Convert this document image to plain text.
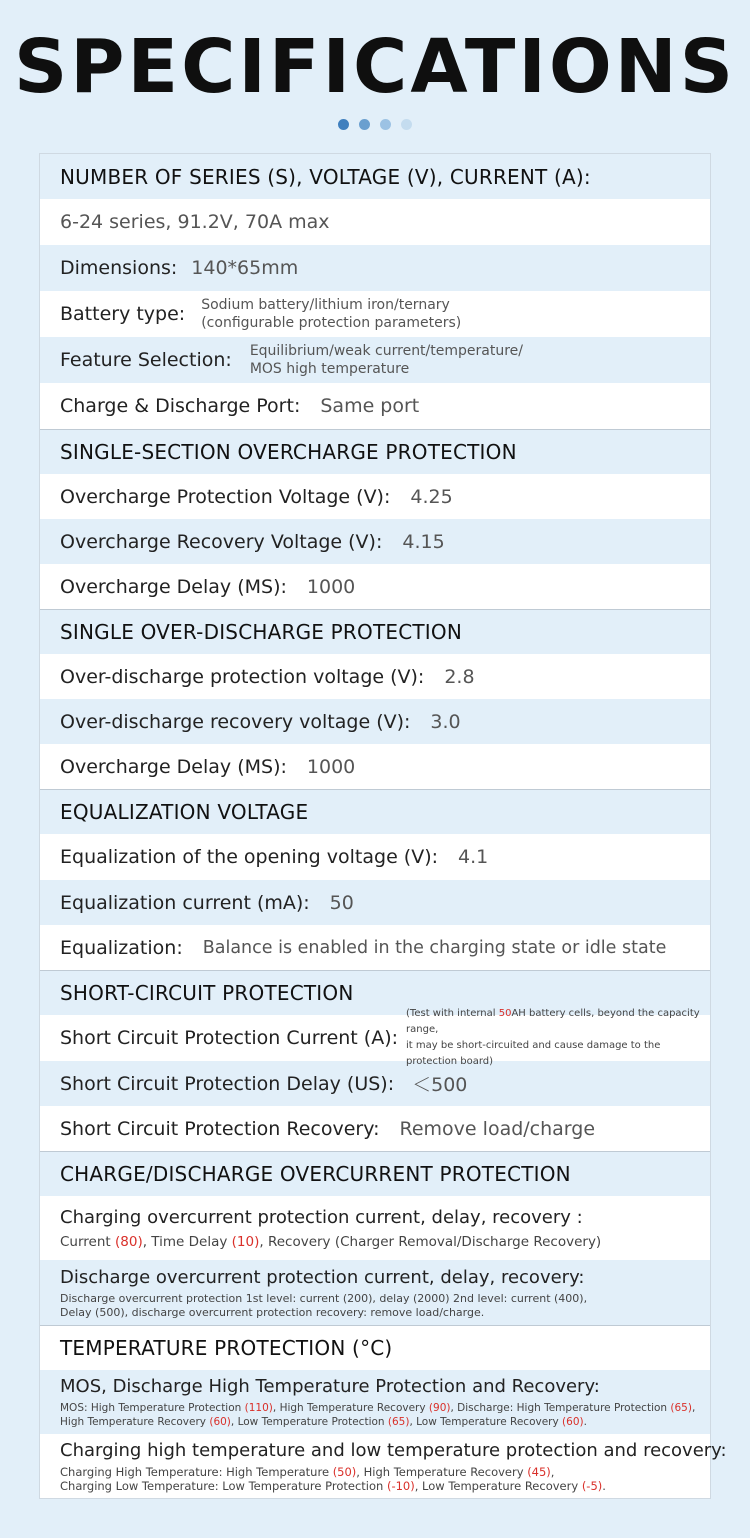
SPECIFICATIONS
NUMBER OF SERIES (S), VOLTAGE (V), CURRENT (A):
6-24 series, 91.2V, 70A max
Dimensions: 140*65mm
Battery type: Sodium battery/lithium iron/ternary
(configurable protection parameters)
Feature Selection: Equilibrium/weak current/temperature/
MOS high temperature
Charge & Discharge Port: Same port
SINGLE-SECTION OVERCHARGE PROTECTION
Overcharge Protection Voltage (V): 4.25
Overcharge Recovery Voltage (V): 4.15
Overcharge Delay (MS): 1000
SINGLE OVER-DISCHARGE PROTECTION
Over-discharge protection voltage (V): 2.8
Over-discharge recovery voltage (V): 3.0
Overcharge Delay (MS): 1000
EQUALIZATION VOLTAGE
Equalization of the opening voltage (V): 4.1
Equalization current (mA): 50
Equalization: Balance is enabled in the charging state or idle state
SHORT-CIRCUIT PROTECTION
Short Circuit Protection Current (A):
(Test with internal 50AH battery cells, beyond the capacity range,
it may be short-circuited and cause damage to the protection board)
Short Circuit Protection Delay (US): ＜500
Short Circuit Protection Recovery: Remove load/charge
CHARGE/DISCHARGE OVERCURRENT PROTECTION
Charging overcurrent protection current, delay, recovery :
Current (80), Time Delay (10), Recovery (Charger Removal/Discharge Recovery)
Discharge overcurrent protection current, delay, recovery:
Discharge overcurrent protection 1st level: current (200), delay (2000) 2nd level: current (400),
Delay (500), discharge overcurrent protection recovery: remove load/charge.
TEMPERATURE PROTECTION (°C)
MOS, Discharge High Temperature Protection and Recovery:
MOS: High Temperature Protection (110), High Temperature Recovery (90), Discharge: High Temperature Protection (65),
High Temperature Recovery (60), Low Temperature Protection (65), Low Temperature Recovery (60).
Charging high temperature and low temperature protection and recovery:
Charging High Temperature: High Temperature (50), High Temperature Recovery (45),
Charging Low Temperature: Low Temperature Protection (-10), Low Temperature Recovery (-5).
